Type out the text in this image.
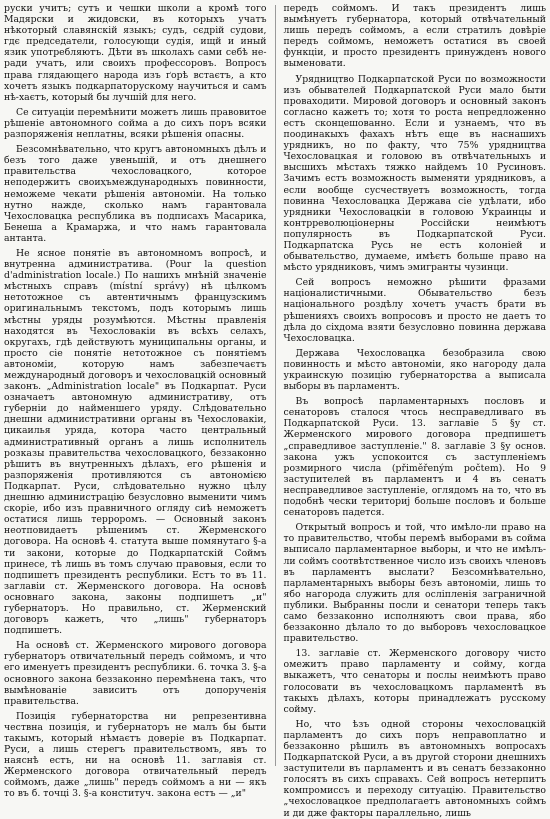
руски учитъ; сутъ и чешки школи а кромѣ того Мадярски и жидовски, въ которыхъ учатъ нѣкоторый славянскій языкъ; судъ, сєдрій судови, гдє председатели, голосующи судія, ищй и иный язик употребляютъ. Дѣти въ школахъ сами себѣ не-ради учатъ, или своихъ профессоровъ. Вопросъ права глядающего народа изъ ґорѣ встаєтъ, а кто хочетъ языкъ подкарпаторускому научиться и самъ нѣ-хаєтъ, который бы лучшій для него.

Се ситуаціи перемѣнити можетъ лишь правовитое рѣшеніе автономного сойма а до сихъ поръ всяки разпоряженія неплатны, всяки рѣшенія опасны.

Безсомнѣвательно, что кругъ автономныхъ дѣлъ и безъ того даже увеньшій, и отъ днешнего правительства чехословацкого, которое неподержитъ своиҳъмеждународныхъ повинности, неможеме чекати рѣшенія автономіи. На только нутно нажде, сколько намъ гарантовала Чехословацка республика въ подписахъ Масарика, Бенеша а Крамаржа, и что намъ гарантовала антанта.

Не ясное понятіе въ автономномъ вопросѣ, и внутренна административа. (Pour la question d'administration locale.) По нашихъ мнѣній значеніе мѣстныхъ справъ (místní správy) нѣ цѣлкомъ нетотожное съ автентичнымъ французскимъ оригинальнымъ текстомъ, подъ которымъ лишь мѣстны уряды розумѣются. Мѣстны правленія находятся въ Чехословакіи въ всѣхъ селахъ, округахъ, гдѣ действуютъ муниципальны органы, и просто сіе понятіе нетотожное съ понятіемъ автономіи, которую намъ забезпечаєтъ международный договоръ и чехословацкій основный законъ. „Administration locale" въ Подкарпат. Руси означаетъ автономную административу, отъ губерніи до найменшего уряду. Слѣдовательно днешни административни органы въ Чехословакіи, цикаилья уряда, котора часто центральный административный органъ а лишь исполнитель розказы правительства чехословацкого, беззаконно рѣшитъ въ внутренныхъ дѣлахъ, его рѣшенія и разпоряженія противляются съ автономією Подкарпат. Руси, слѣдовательно нужно цѣлу днешню администрацію безусловно выменити чимъ скоріе, ибо изъ правничного огляду сиѣ неможетъ остатися лишь терроромъ. — Основный законъ неотповидаетъ рѣшенимъ ст. Жерменского договора. На основѣ 4. статута выше помянутаго §-а ти закони, которые до Подкарпатскій Соймъ принесе, тѣ лишь въ томъ случаю правовыя, если то подпишетъ президентъ республики. Естъ то въ 11. заглавіи ст. Жерменского договора. На основѣ основнаго закона, законы подпишетъ „и" губернаторъ. Но правильно, ст. Жерменский договоръ кажетъ, что „лишь" губернаторъ подпишетъ.

На основѣ ст. Жерменского мирового договора губернаторъ отвичательный передъ соймомъ, и что его именуетъ президентъ республики. 6. точка 3. §-а основного закона беззаконно перемѣнена такъ, что вымѣнованіе зависитъ отъ допорученія правительства.

Позиція губернаторства ни репрезентивна чествна позиція, и губернаторъ не малъ бы быти такымъ, который нѣмаєтъ доверіе въ Подкарпат. Руси, а лишь стерегъ правительствомъ, явъ то наяснѣ естъ, ни на основѣ 11. заглавія ст. Жерменского договора отвичательный передъ соймомъ, даже „лишь" передъ соймомъ а ни — якъ то въ б. точці 3. §-а конституч. закона естъ — „и"

передъ соймомъ. И такъ президентъ лишь вымѣнуетъ губернатора, который отвѣчательный лишь передъ соймомъ, а если стратилъ довѣріе передъ соймомъ, неможетъ остатися въ своей функціи, и просто президентъ принужденъ нового выменовати.

Урядництво Подкарпатской Руси по возможности изъ обывателей Подкарпатской Руси мало быти проваходити. Мировой договоръ и основный законъ согласно кажетъ то; хотя то роста непредложенно естъ сконцешованно. Если и узнаемъ, что въ поодинакыхъ фахахъ нѣтъ еще въ наснашихъ урядникъ, но по факту, что 75% урядництва Чехословацкая и головою въ отвѣчательныхъ и высшихъ мѣстахъ тяжко найдемъ 10 Русиновъ. Зачимъ естъ возможность выменяти урядниковъ, а если вообще сусчествуетъ возможность, тогда повинна Чехословацка Держава сіе удѣлати, ибо урядники Чехословацкіи в головою Украинцы и контрреволюціонерны Россійски неимѣютъ популярность въ Подкарпатской Руси. Подкарпатска Русь не естъ колоніей и обывательство, думаеме, имѣєтъ больше право на мѣсто урядниковъ, чимъ эмигранты чузинци.

Сей вопросъ неможно рѣшити фразами націоналистичными. Обывательство безъ національного роздѣлу хочетъ участъ брати въ рѣшенияхъ своихъ вопросовъ и просто не даетъ то дѣла до сіхдома взяти безусловно повинна держава Чехословацка.

Держава Чехословацка безобразила свою повинность и мѣсто автономіи, яко нагороду дала украинскую позицію губернаторства а выписала выборы въ парламентъ.

Въ вопросѣ парламентарныхъ пословъ и сенаторовъ сталося чтось несправедливаго въ Подкарпатской Руси. 13. заглавіе 5 §у ст. Жерменского мирового договора предпишетъ „справедливое заступленіе." 8. заглавіе 3 §у основ. закона ужъ успокоится съ заступленіемъ розмирного числа (přiměřeným počtem). Но 9 заступителей въ парламентъ и 4 въ сенатъ несправедливое заступленіе, оглядомъ на то, что въ подобнѣ чески териториј больше пословъ и больше сенаторовъ падется.

Открытый вопросъ и той, что имѣло-ли право на то правительство, чтобы перемѣ выборами въ сойма выписало парламентарное выборы, и что не имѣлъ-ли соймъ соотвѣтственное число изъ своихъ членовъ въ парламентъ выслати? Безсомнѣвательно, парламентарныхъ выборы безъ автономіи, лишь то ябо нагорода служить для осліпленія заграничной публики. Выбранны посли и сенатори теперь такъ само беззаконно исполняютъ свои права, ябо беззаконно дѣлало то до выборовъ чехословацкое правительство.

13. заглавіе ст. Жерменского договору чисто омежитъ право парламенту и сойму, когда выкажетъ, что сенаторы и послы неимѣютъ право голосовати въ чехословацкомъ парламентѣ въ такыхъ дѣлахъ, которы принадлежатъ русскому сойму.

Но, что ѣзъ одной стороны чехословацкій парламентъ до сихъ поръ неправоплатно и беззаконно рѣшилъ въ автономныхъ вопросахъ Подкарпатской Руси, а въ другой сторони днешнихъ заступители въ парламентъ и въ сенатъ беззаконно голосятъ въ сихъ справахъ. Сей вопросъ нетерпитъ компромиссъ и переходу ситуацію. Правительство „чехословацкое предполагаетъ автономныхъ соймъ и ди дже факторы параллельно, лишь
